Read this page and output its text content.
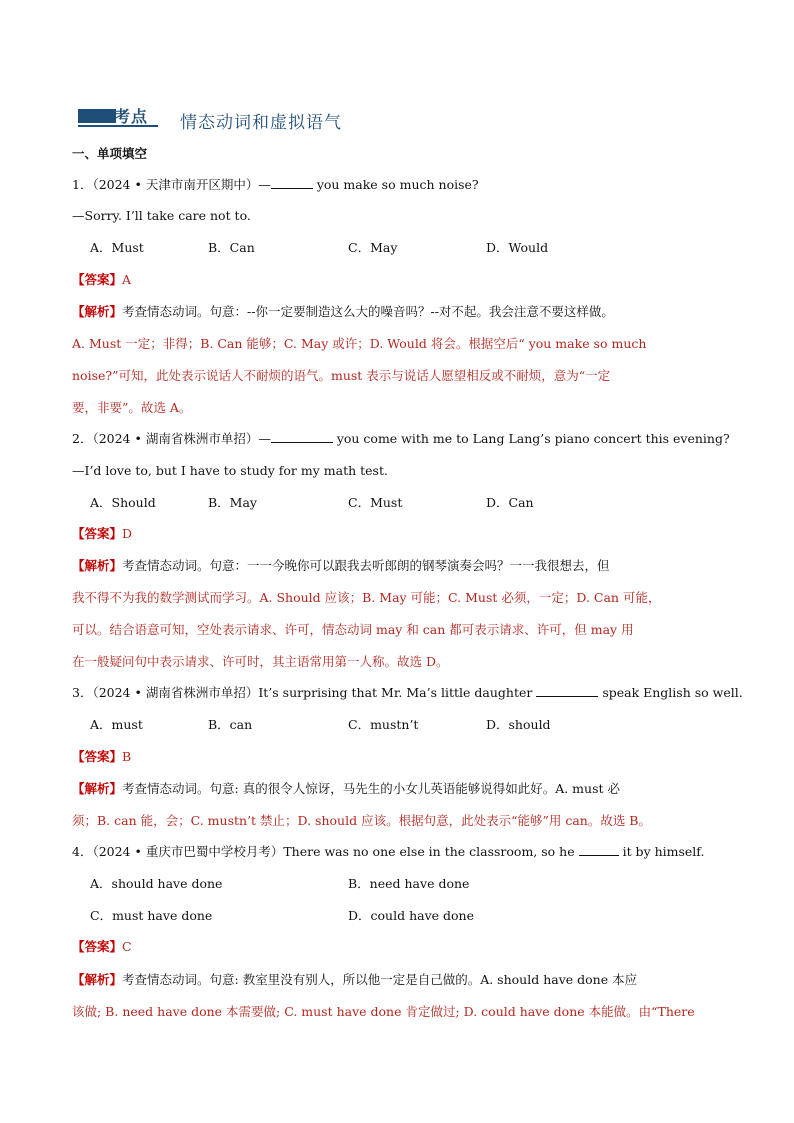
考点 情态动词和虚拟语气
一、单项填空
1．（2024 • 天津市南开区期中）—	you make so much noise?
—Sorry. I’ll take care not to.
A．Must	B．Can	C．May	D．Would
【答案】A
【解析】考查情态动词。句意：--你一定要制造这么大的噪音吗？--对不起。我会注意不要这样做。
A. Must 一定；非得；B. Can 能够；C. May 或许；D. Would 将会。根据空后“ you make so much
noise?”可知，此处表示说话人不耐烦的语气。must 表示与说话人愿望相反或不耐烦，意为“一定
要，非要”。故选 A。
2．（2024 • 湖南省株洲市单招）—	you come with me to Lang Lang’s piano concert this evening?
—I’d love to, but I have to study for my math test.
A．Should	B．May	C．Must	D．Can
【答案】D
【解析】考查情态动词。句意：一一今晚你可以跟我去听郎朗的钢琴演奏会吗？一一我很想去，但
我不得不为我的数学测试而学习。A. Should 应该；B. May 可能；C. Must 必须，一定；D. Can 可能，
可以。结合语意可知，空处表示请求、许可，情态动词 may 和 can 都可表示请求、许可，但 may 用
在一般疑问句中表示请求、许可时，其主语常用第一人称。故选 D。
3．（2024 • 湖南省株洲市单招）It’s surprising that Mr. Ma’s little daughter	speak English so well.
A．must	B．can	C．mustn’t	D．should
【答案】B
【解析】考查情态动词。句意: 真的很令人惊讶，马先生的小女儿英语能够说得如此好。A. must 必
须；B. can 能，会；C. mustn’t 禁止；D. should 应该。根据句意，此处表示“能够”用 can。故选 B。
4．（2024 • 重庆市巴蜀中学校月考）There was no one else in the classroom, so he	it by himself.
A．should have done	B．need have done
C．must have done	D．could have done
【答案】C
【解析】考查情态动词。句意: 教室里没有别人，所以他一定是自己做的。A. should have done 本应
该做; B. need have done 本需要做; C. must have done 肯定做过; D. could have done 本能做。由“There
